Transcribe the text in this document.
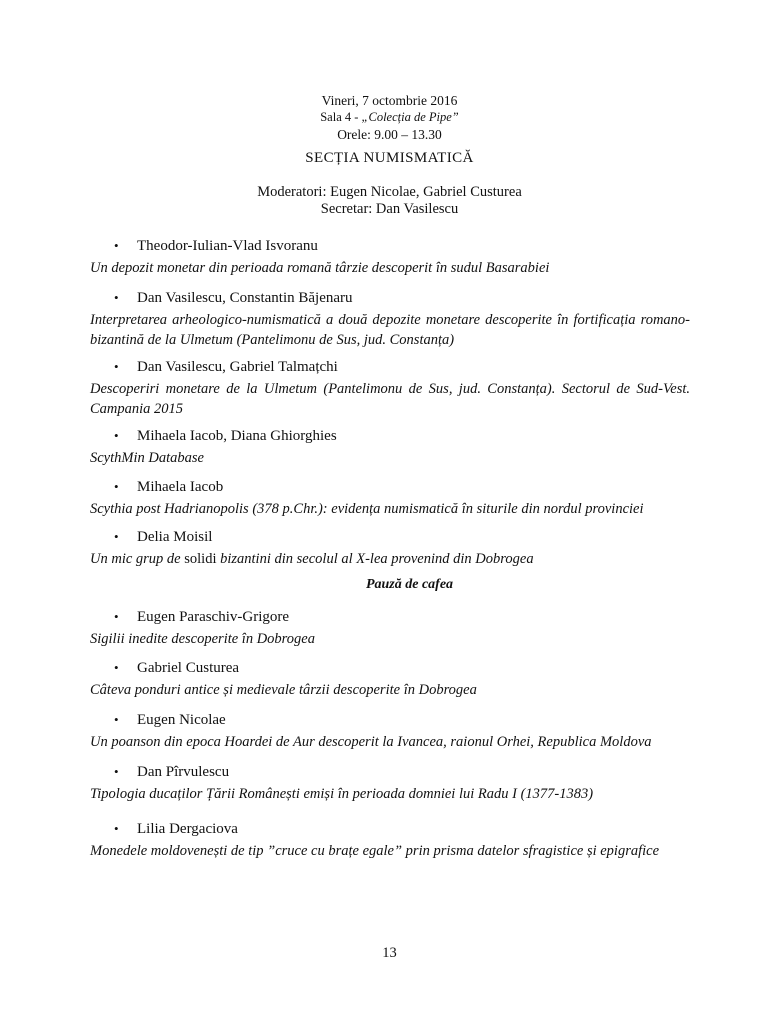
Vineri, 7 octombrie 2016
Sala 4 - „Colecția de Pipe”
Orele: 9.00 – 13.30
SECȚIA NUMISMATICĂ
Moderatori: Eugen Nicolae, Gabriel Custurea
Secretar: Dan Vasilescu
• Theodor-Iulian-Vlad Isvoranu
Un depozit monetar din perioada romană târzie descoperit în sudul Basarabiei
• Dan Vasilescu, Constantin Băjenaru
Interpretarea arheologico-numismatică a două depozite monetare descoperite în fortificația romano-bizantină de la Ulmetum (Pantelimonu de Sus, jud. Constanța)
• Dan Vasilescu, Gabriel Talmațchi
Descoperiri monetare de la Ulmetum (Pantelimonu de Sus, jud. Constanța). Sectorul de Sud-Vest. Campania 2015
• Mihaela Iacob, Diana Ghiorghies
ScythMin Database
• Mihaela Iacob
Scythia post Hadrianopolis (378 p.Chr.): evidența numismatică în siturile din nordul provinciei
• Delia Moisil
Un mic grup de solidi bizantini din secolul al X-lea provenind din Dobrogea
Pauză de cafea
• Eugen Paraschiv-Grigore
Sigilii inedite descoperite în Dobrogea
• Gabriel Custurea
Câteva ponduri antice și medievale târzii descoperite în Dobrogea
• Eugen Nicolae
Un poanson din epoca Hoardei de Aur descoperit la Ivancea, raionul Orhei, Republica Moldova
• Dan Pîrvulescu
Tipologia ducaților Țării Românești emiși în perioada domniei lui Radu I (1377-1383)
• Lilia Dergaciova
Monedele moldovenești de tip ”cruce cu brațe egale” prin prisma datelor sfragistice și epigrafice
13
